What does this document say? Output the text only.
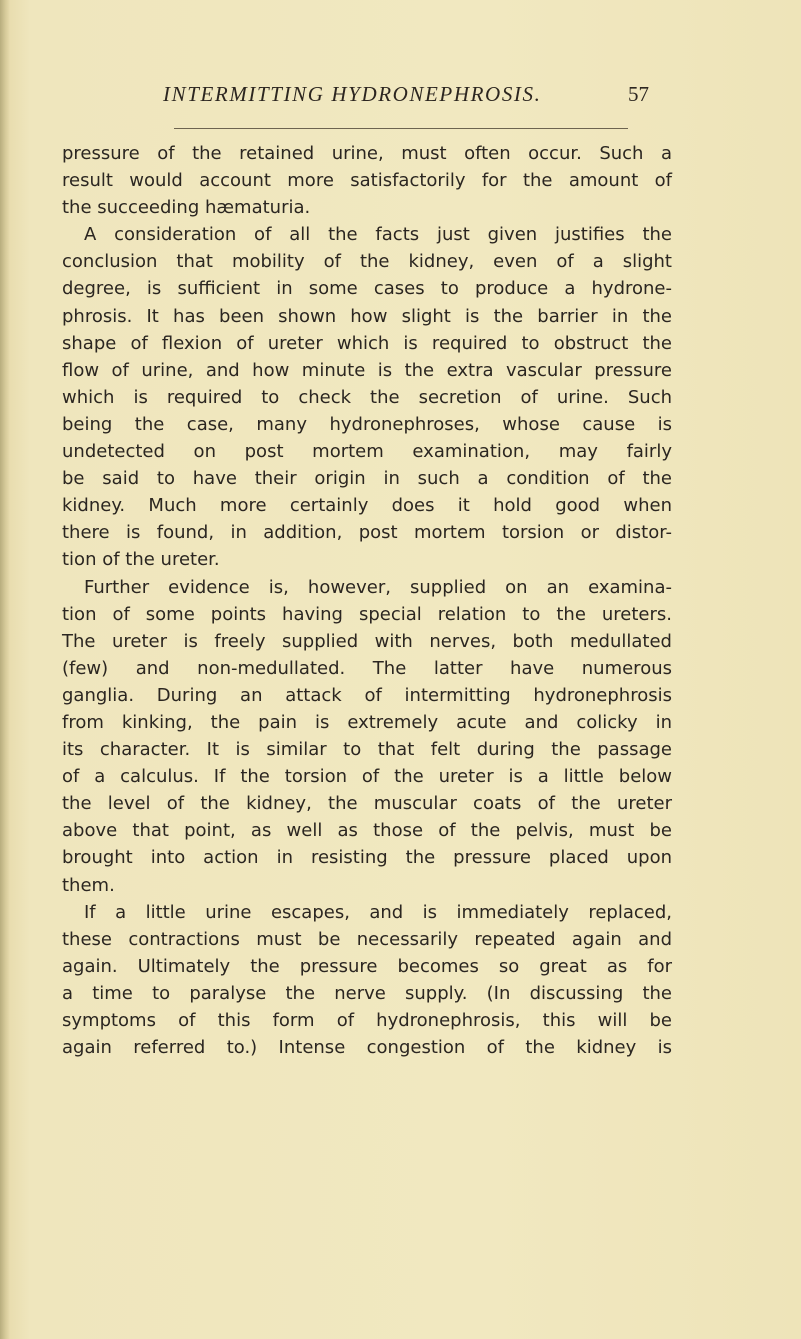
INTERMITTING HYDRONEPHROSIS.	57
pressure of the retained urine, must often occur. Such a
result would account more satisfactorily for the amount of
the succeeding hæmaturia.
A consideration of all the facts just given justifies the
conclusion that mobility of the kidney, even of a slight
degree, is sufficient in some cases to produce a hydrone-
phrosis. It has been shown how slight is the barrier in the
shape of flexion of ureter which is required to obstruct the
flow of urine, and how minute is the extra vascular pressure
which is required to check the secretion of urine. Such
being the case, many hydronephroses, whose cause is
undetected on post mortem examination, may fairly
be said to have their origin in such a condition of the
kidney. Much more certainly does it hold good when
there is found, in addition, post mortem torsion or distor-
tion of the ureter.
Further evidence is, however, supplied on an examina-
tion of some points having special relation to the ureters.
The ureter is freely supplied with nerves, both medullated
(few) and non-medullated. The latter have numerous
ganglia. During an attack of intermitting hydronephrosis
from kinking, the pain is extremely acute and colicky in
its character. It is similar to that felt during the passage
of a calculus. If the torsion of the ureter is a little below
the level of the kidney, the muscular coats of the ureter
above that point, as well as those of the pelvis, must be
brought into action in resisting the pressure placed upon
them.
If a little urine escapes, and is immediately replaced,
these contractions must be necessarily repeated again and
again. Ultimately the pressure becomes so great as for
a time to paralyse the nerve supply. (In discussing the
symptoms of this form of hydronephrosis, this will be
again referred to.) Intense congestion of the kidney is
